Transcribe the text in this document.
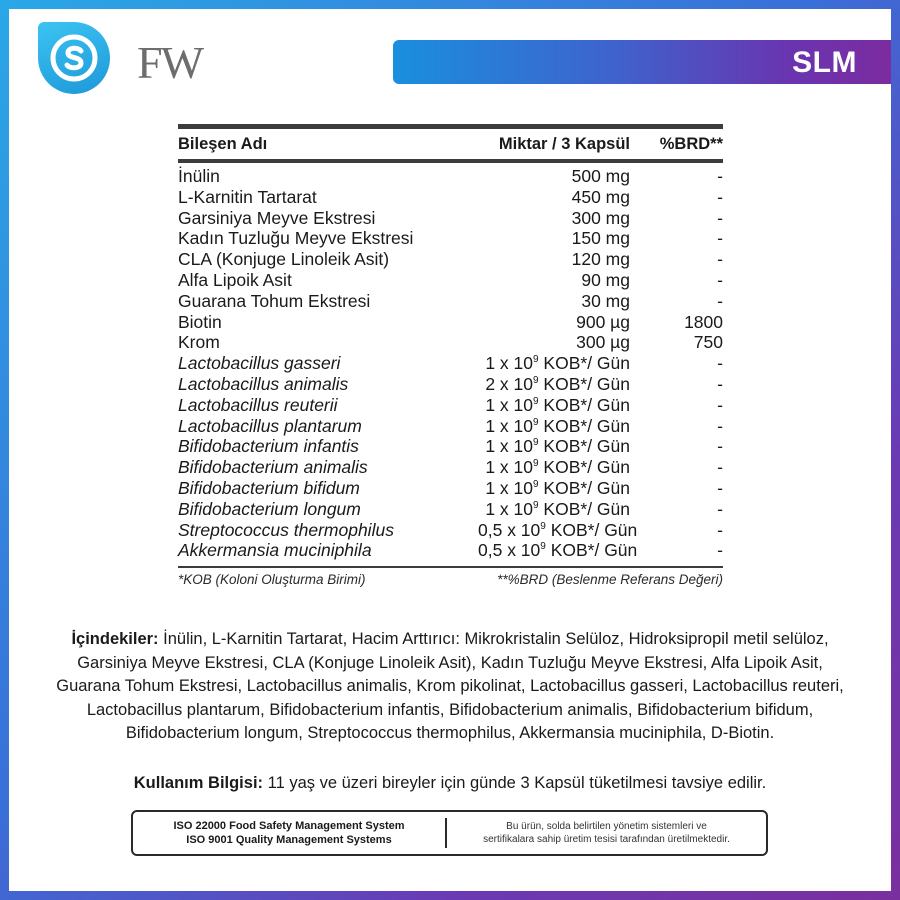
FW	SLM
Bileşen Adı	Miktar / 3 Kapsül	%BRD**
İnülin	500 mg	-
L-Karnitin Tartarat	450 mg	-
Garsiniya Meyve Ekstresi	300 mg	-
Kadın Tuzluğu Meyve Ekstresi	150 mg	-
CLA (Konjuge Linoleik Asit)	120 mg	-
Alfa Lipoik Asit	90 mg	-
Guarana Tohum Ekstresi	30 mg	-
Biotin	900 µg	1800
Krom	300 µg	750
Lactobacillus gasseri	1 x $10^9$ KOB*/ Gün	-
Lactobacillus animalis	2 x $10^9$ KOB*/ Gün	-
Lactobacillus reuterii	1 x $10^9$ KOB*/ Gün	-
Lactobacillus plantarum	1 x $10^9$ KOB*/ Gün	-
Bifidobacterium infantis	1 x $10^9$ KOB*/ Gün	-
Bifidobacterium animalis	1 x $10^9$ KOB*/ Gün	-
Bifidobacterium bifidum	1 x $10^9$ KOB*/ Gün	-
Bifidobacterium longum	1 x $10^9$ KOB*/ Gün	-
Streptococcus thermophilus	0,5 x $10^9$ KOB*/ Gün	-
Akkermansia muciniphila	0,5 x $10^9$ KOB*/ Gün	-
*KOB (Koloni Oluşturma Birimi)	**%BRD (Beslenme Referans Değeri)
İçindekiler: İnülin, L-Karnitin Tartarat, Hacim Arttırıcı: Mikrokristalin Selüloz, Hidroksipropil metil selüloz, Garsiniya Meyve Ekstresi, CLA (Konjuge Linoleik Asit), Kadın Tuzluğu Meyve Ekstresi, Alfa Lipoik Asit, Guarana Tohum Ekstresi, Lactobacillus animalis, Krom pikolinat, Lactobacillus gasseri, Lactobacillus reuteri, Lactobacillus plantarum, Bifidobacterium infantis, Bifidobacterium animalis, Bifidobacterium bifidum, Bifidobacterium longum, Streptococcus thermophilus, Akkermansia muciniphila, D-Biotin.
Kullanım Bilgisi: 11 yaş ve üzeri bireyler için günde 3 Kapsül tüketilmesi tavsiye edilir.
ISO 22000 Food Safety Management System
ISO 9001 Quality Management Systems
Bu ürün, solda belirtilen yönetim sistemleri ve
sertifikalara sahip üretim tesisi tarafından üretilmektedir.
